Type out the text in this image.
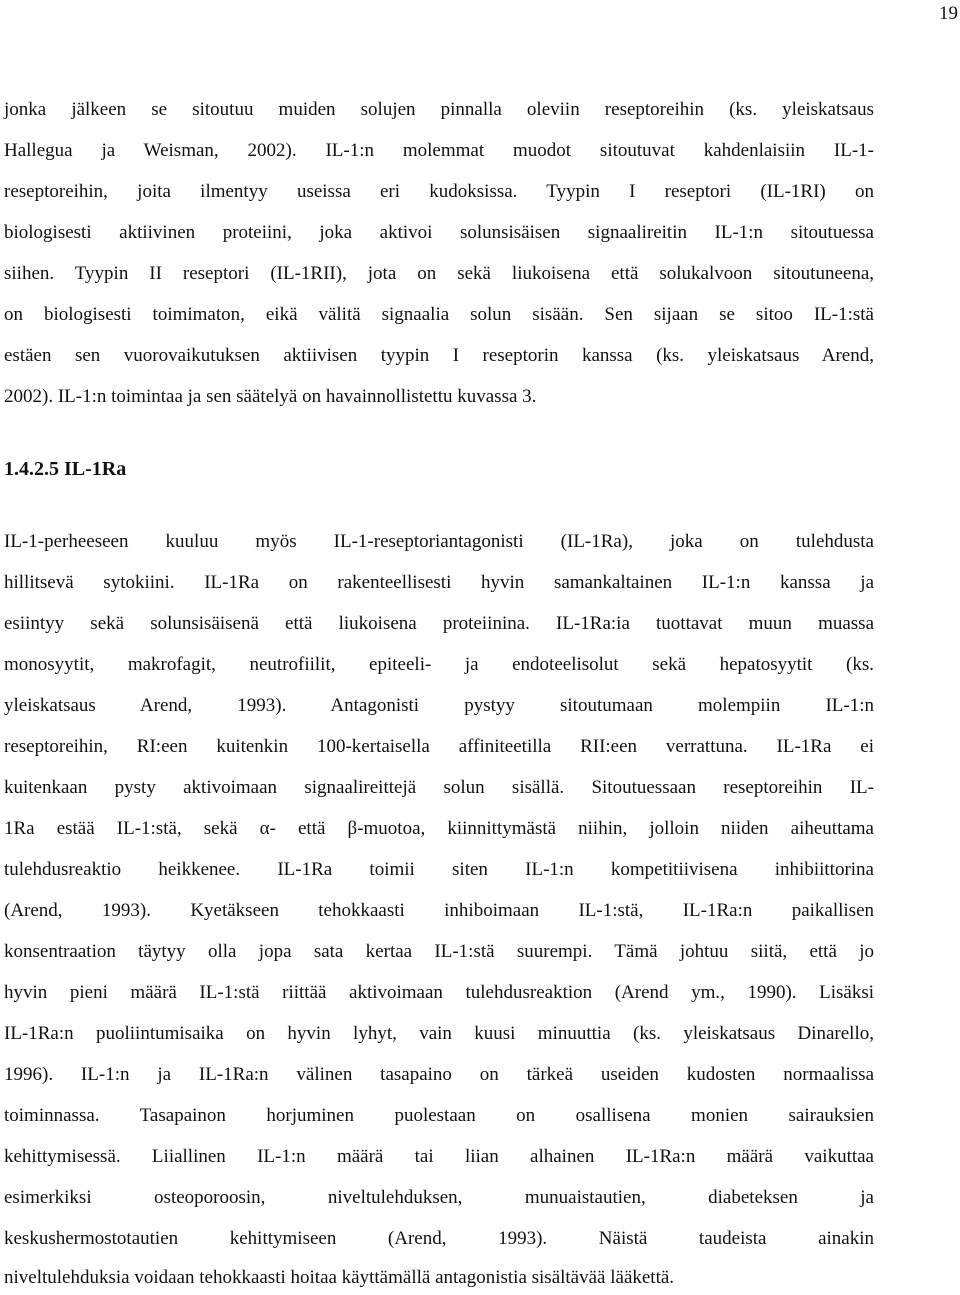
19

jonka jälkeen se sitoutuu muiden solujen pinnalla oleviin reseptoreihin (ks. yleiskatsaus

Hallegua ja Weisman, 2002). IL-1:n molemmat muodot sitoutuvat kahdenlaisiin IL-1-

reseptoreihin, joita ilmentyy useissa eri kudoksissa. Tyypin I reseptori (IL-1RI) on

biologisesti aktiivinen proteiini, joka aktivoi solunsisäisen signaalireitin IL-1:n sitoutuessa

siihen. Tyypin II reseptori (IL-1RII), jota on sekä liukoisena että solukalvoon sitoutuneena,

on biologisesti toimimaton, eikä välitä signaalia solun sisään. Sen sijaan se sitoo IL-1:stä

estäen sen vuorovaikutuksen aktiivisen tyypin I reseptorin kanssa (ks. yleiskatsaus Arend,

2002). IL-1:n toimintaa ja sen säätelyä on havainnollistettu kuvassa 3.

1.4.2.5 IL-1Ra

IL-1-perheeseen kuuluu myös IL-1-reseptoriantagonisti (IL-1Ra), joka on tulehdusta

hillitsevä sytokiini. IL-1Ra on rakenteellisesti hyvin samankaltainen IL-1:n kanssa ja

esiintyy sekä solunsisäisenä että liukoisena proteiinina. IL-1Ra:ia tuottavat muun muassa

monosyytit, makrofagit, neutrofiilit, epiteeli- ja endoteelisolut sekä hepatosyytit (ks.

yleiskatsaus Arend, 1993). Antagonisti pystyy sitoutumaan molempiin IL-1:n

reseptoreihin, RI:een kuitenkin 100-kertaisella affiniteetilla RII:een verrattuna. IL-1Ra ei

kuitenkaan pysty aktivoimaan signaalireittejä solun sisällä. Sitoutuessaan reseptoreihin IL-

1Ra estää IL-1:stä, sekä α- että β-muotoa, kiinnittymästä niihin, jolloin niiden aiheuttama

tulehdusreaktio heikkenee. IL-1Ra toimii siten IL-1:n kompetitiivisena inhibiittorina

(Arend, 1993). Kyetäkseen tehokkaasti inhiboimaan IL-1:stä, IL-1Ra:n paikallisen

konsentraation täytyy olla jopa sata kertaa IL-1:stä suurempi. Tämä johtuu siitä, että jo

hyvin pieni määrä IL-1:stä riittää aktivoimaan tulehdusreaktion (Arend ym., 1990). Lisäksi

IL-1Ra:n puoliintumisaika on hyvin lyhyt, vain kuusi minuuttia (ks. yleiskatsaus Dinarello,

1996). IL-1:n ja IL-1Ra:n välinen tasapaino on tärkeä useiden kudosten normaalissa

toiminnassa. Tasapainon horjuminen puolestaan on osallisena monien sairauksien

kehittymisessä. Liiallinen IL-1:n määrä tai liian alhainen IL-1Ra:n määrä vaikuttaa

esimerkiksi osteoporoosin, niveltulehduksen, munuaistautien, diabeteksen ja

keskushermostotautien kehittymiseen (Arend, 1993). Näistä taudeista ainakin

niveltulehduksia voidaan tehokkaasti hoitaa käyttämällä antagonistia sisältävää lääkettä.
